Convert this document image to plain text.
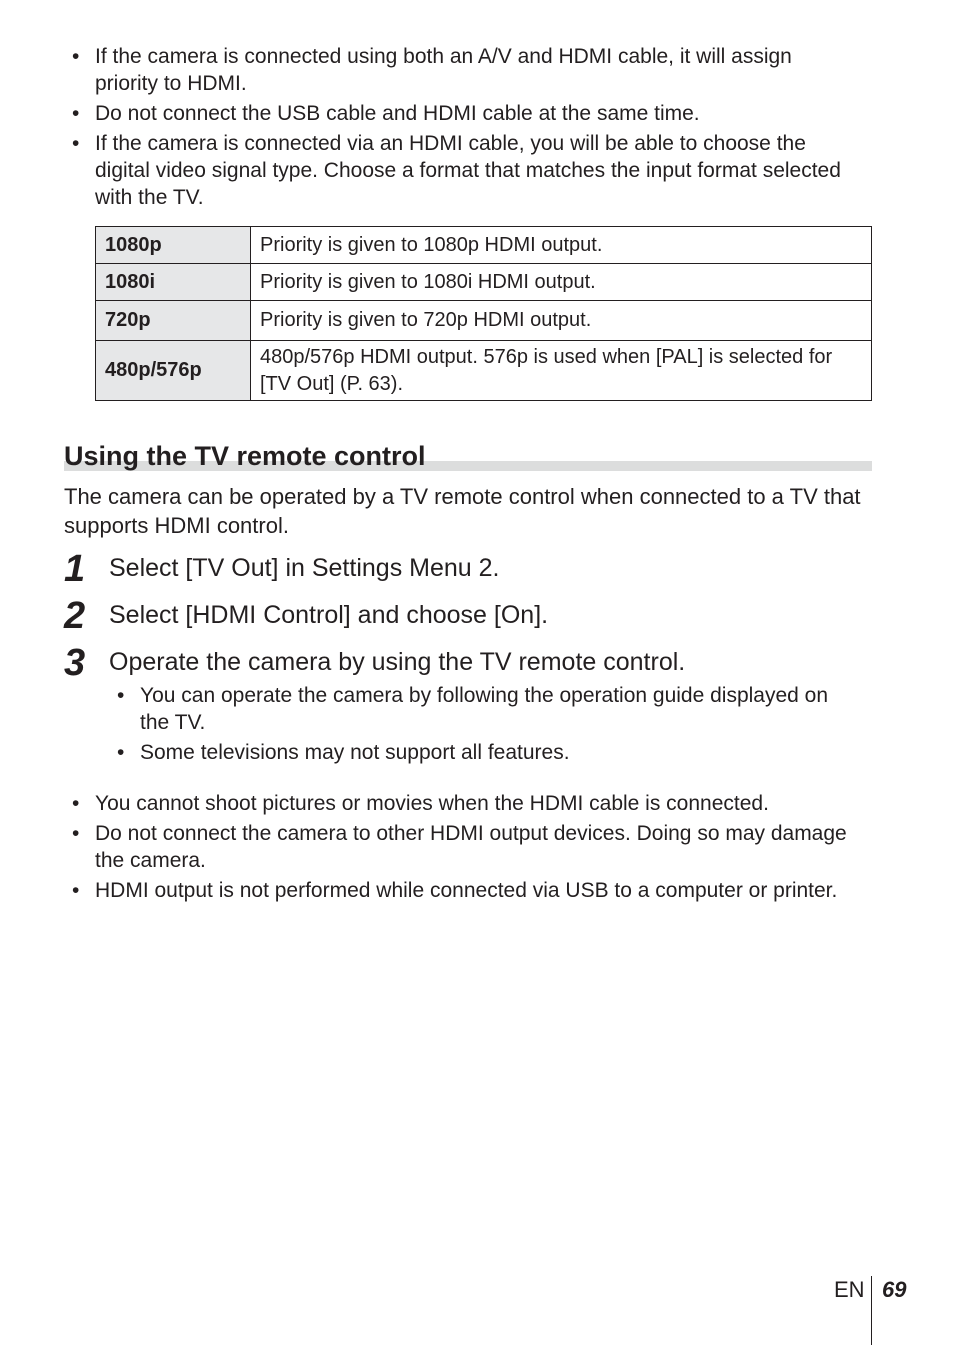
• If the camera is connected using both an A/V and HDMI cable, it will assign priority to HDMI.
• Do not connect the USB cable and HDMI cable at the same time.
• If the camera is connected via an HDMI cable, you will be able to choose the digital video signal type. Choose a format that matches the input format selected with the TV.
1080p	Priority is given to 1080p HDMI output.
1080i	Priority is given to 1080i HDMI output.
720p	Priority is given to 720p HDMI output.
480p/576p	480p/576p HDMI output. 576p is used when [PAL] is selected for [TV Out] (P. 63).
Using the TV remote control

The camera can be operated by a TV remote control when connected to a TV that supports HDMI control.

1 Select [TV Out] in Settings Menu 2.
2 Select [HDMI Control] and choose [On].
3 Operate the camera by using the TV remote control.
• You can operate the camera by following the operation guide displayed on the TV.
• Some televisions may not support all features.
• You cannot shoot pictures or movies when the HDMI cable is connected.
• Do not connect the camera to other HDMI output devices. Doing so may damage the camera.
• HDMI output is not performed while connected via USB to a computer or printer.
EN 69
